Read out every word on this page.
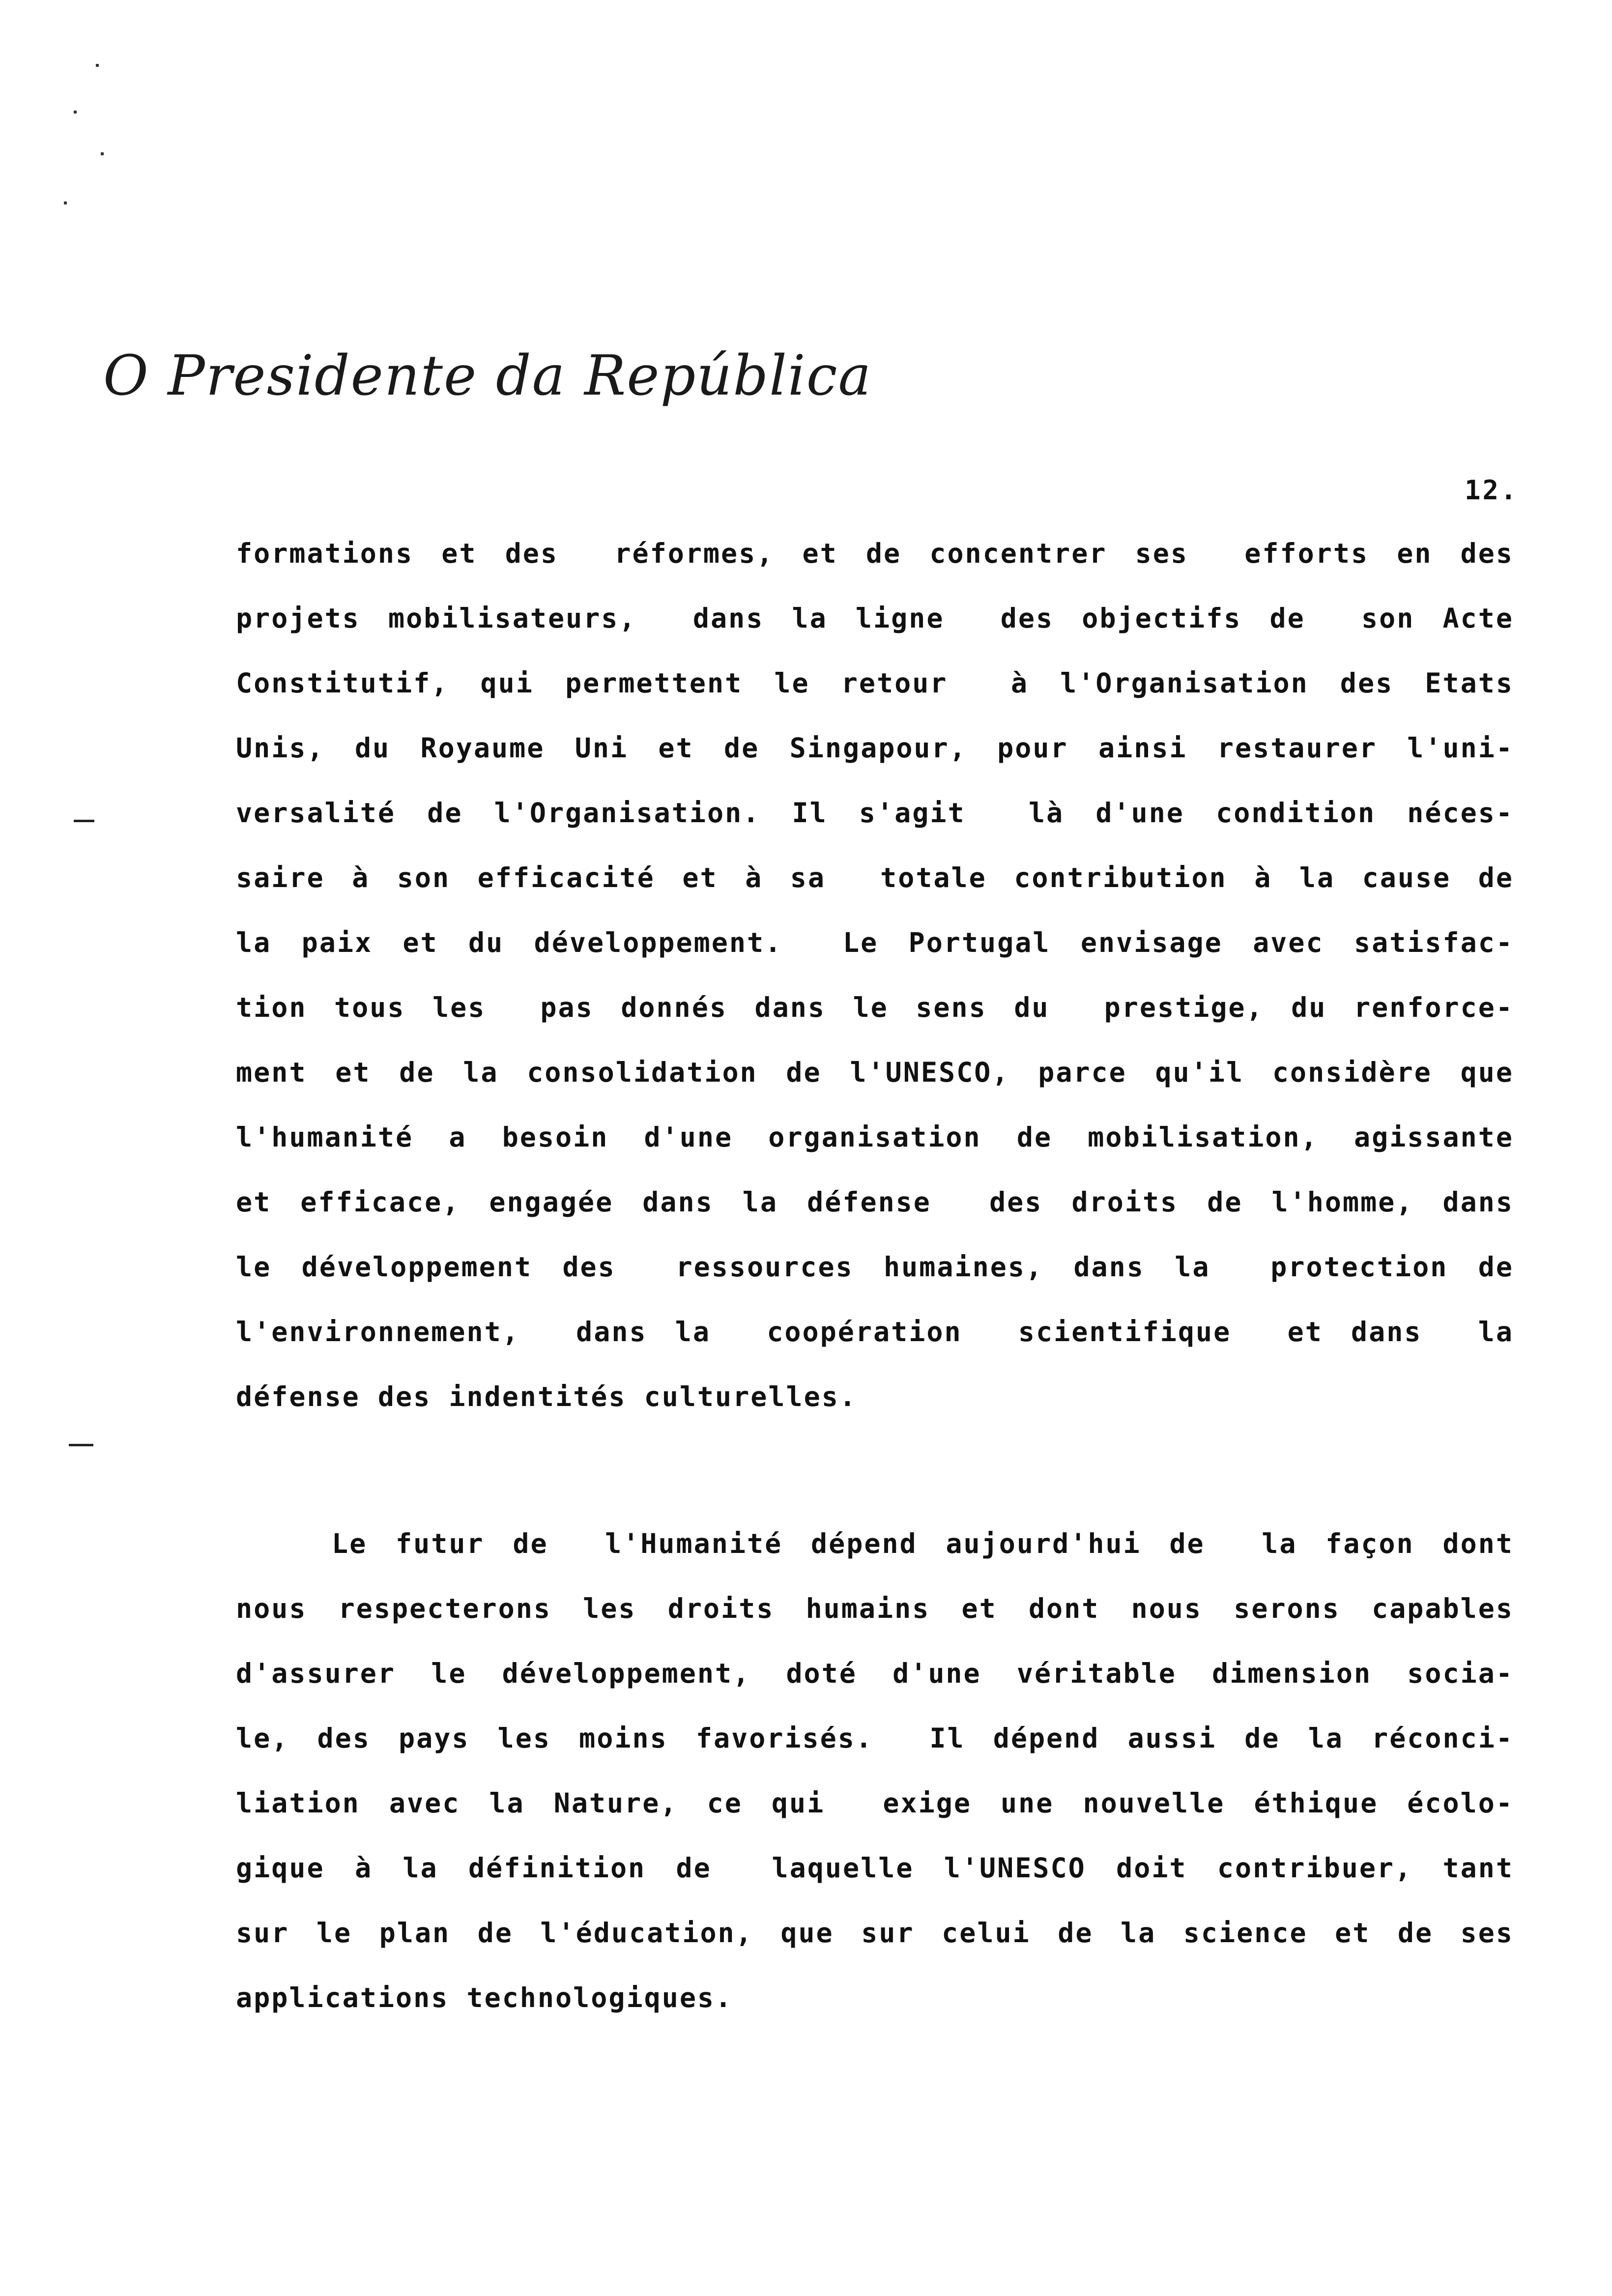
O Presidente da República
12.
formations et des  réformes, et de concentrer ses  efforts en des
projets mobilisateurs,  dans la ligne  des objectifs de  son Acte
Constitutif, qui permettent le retour  à l'Organisation des Etats
Unis, du Royaume Uni et de Singapour, pour ainsi restaurer l'uni-
versalité de l'Organisation. Il s'agit  là d'une condition néces-
saire à son efficacité et à sa  totale contribution à la cause de
la paix et du développement.  Le Portugal envisage avec satisfac-
tion tous les  pas donnés dans le sens du  prestige, du renforce-
ment et de la consolidation de l'UNESCO, parce qu'il considère que
l'humanité a besoin d'une organisation de mobilisation, agissante
et efficace, engagée dans la défense  des droits de l'homme, dans
le développement des  ressources humaines, dans la  protection de
l'environnement,  dans la  coopération  scientifique  et dans  la
défense des indentités culturelles.
Le futur de  l'Humanité dépend aujourd'hui de  la façon dont
nous respecterons les droits humains et dont nous serons capables
d'assurer le développement, doté d'une véritable dimension socia-
le, des pays les moins favorisés.  Il dépend aussi de la réconci-
liation avec la Nature, ce qui  exige une nouvelle éthique écolo-
gique à la définition de  laquelle l'UNESCO doit contribuer, tant
sur le plan de l'éducation, que sur celui de la science et de ses
applications technologiques.
